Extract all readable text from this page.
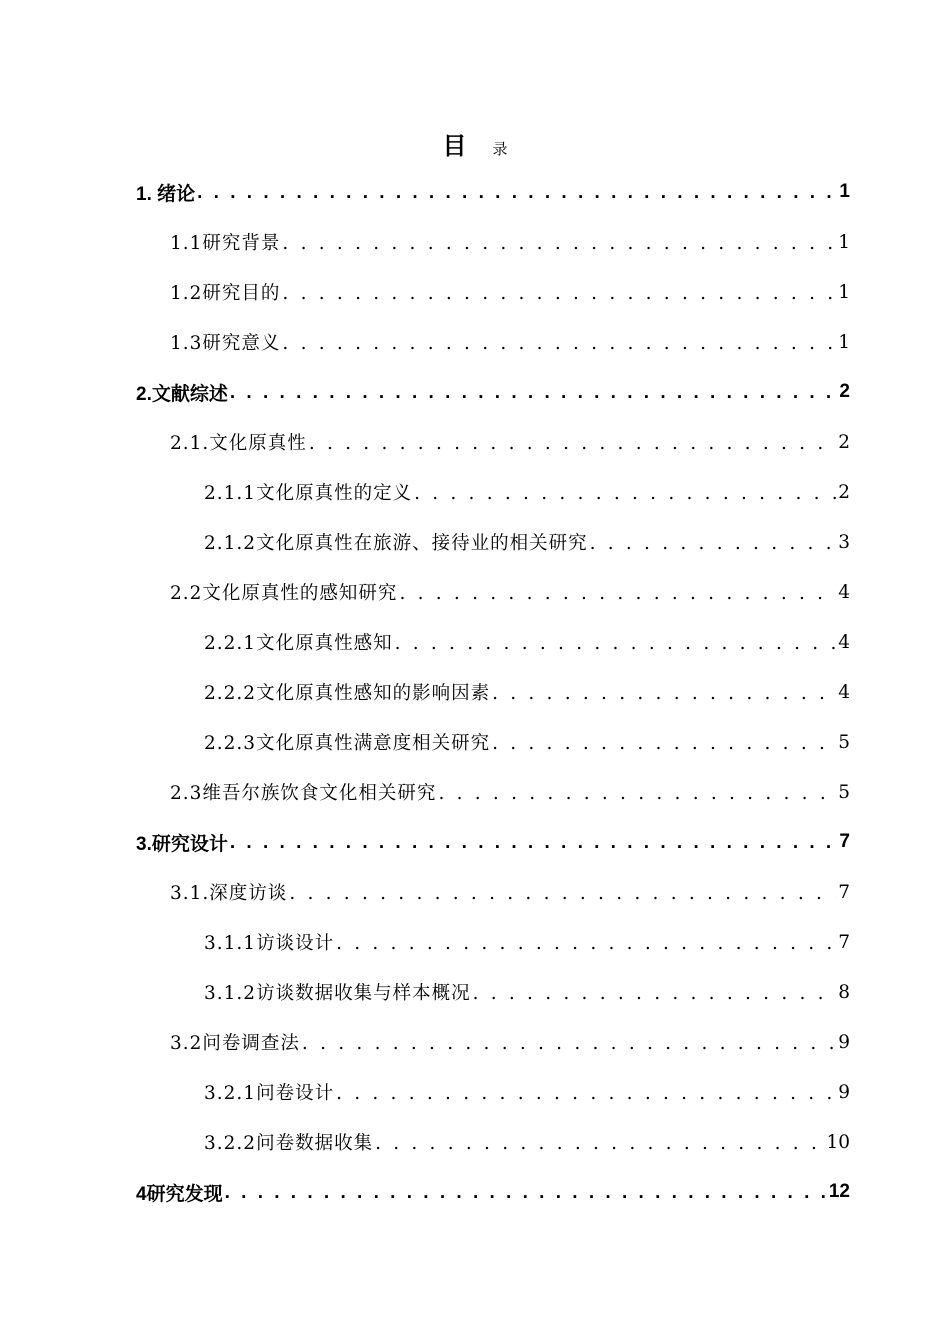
目 录
1. 绪论 . . .	1
1.1研究背景 . . .	1
1.2研究目的 . . .	1
1.3研究意义 . . .	1
2.文献综述 . . .	2
2.1.文化原真性 . . .	2
2.1.1文化原真性的定义 . . .	2
2.1.2文化原真性在旅游、接待业的相关研究 . . .	3
2.2文化原真性的感知研究 . . .	4
2.2.1文化原真性感知 . . .	4
2.2.2文化原真性感知的影响因素 . . .	4
2.2.3文化原真性满意度相关研究 . . .	5
2.3维吾尔族饮食文化相关研究 . . .	5
3.研究设计 . . .	7
3.1.深度访谈 . . .	7
3.1.1访谈设计 . . .	7
3.1.2访谈数据收集与样本概况 . . .	8
3.2问卷调查法 . . .	9
3.2.1问卷设计 . . .	9
3.2.2问卷数据收集 . . .	10
4研究发现 . . .	12
